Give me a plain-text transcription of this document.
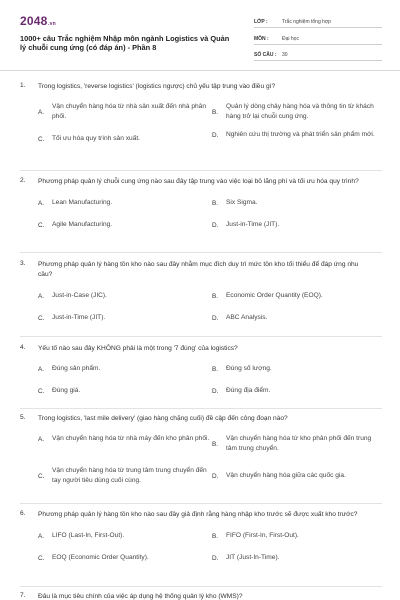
2048.vn
1000+ câu Trắc nghiệm Nhập môn ngành Logistics và Quản lý chuỗi cung ứng (có đáp án) - Phần 8
LỚP :	Trắc nghiệm tổng hợp
MÔN :	Đại học
SỐ CÂU :	30
1.	Trong logistics, 'reverse logistics' (logistics ngược) chủ yếu tập trung vào điều gì?
A.
Vận chuyển hàng hóa từ nhà sản xuất đến nhà phân phối.
B.
Quản lý dòng chảy hàng hóa và thông tin từ khách hàng trở lại chuỗi cung ứng.
C.	Tối ưu hóa quy trình sản xuất.	D.	Nghiên cứu thị trường và phát triển sản phẩm mới.
2.	Phương pháp quản lý chuỗi cung ứng nào sau đây tập trung vào việc loại bỏ lãng phí và tối ưu hóa quy trình?
A.	Lean Manufacturing.	B.	Six Sigma.
C.	Agile Manufacturing.	D.	Just-in-Time (JIT).
3.	Phương pháp quản lý hàng tồn kho nào sau đây nhằm mục đích duy trì mức tồn kho tối thiểu để đáp ứng nhu cầu?
A.	Just-in-Case (JIC).	B.	Economic Order Quantity (EOQ).
C.	Just-in-Time (JIT).	D.	ABC Analysis.
4.	Yếu tố nào sau đây KHÔNG phải là một trong '7 đúng' của logistics?
A.	Đúng sản phẩm.	B.	Đúng số lượng.
C.	Đúng giá.	D.	Đúng địa điểm.
5.	Trong logistics, 'last mile delivery' (giao hàng chặng cuối) đề cập đến công đoạn nào?
A.	Vận chuyển hàng hóa từ nhà máy đến kho phân phối.
B.
Vận chuyển hàng hóa từ kho phân phối đến trung tâm trung chuyển.
C.
Vận chuyển hàng hóa từ trung tâm trung chuyển đến tay người tiêu dùng cuối cùng.
D.	Vận chuyển hàng hóa giữa các quốc gia.
6.	Phương pháp quản lý hàng tồn kho nào sau đây giả định rằng hàng nhập kho trước sẽ được xuất kho trước?
A.	LIFO (Last-In, First-Out).	B.	FIFO (First-In, First-Out).
C.	EOQ (Economic Order Quantity).	D.	JIT (Just-In-Time).
7.	Đâu là mục tiêu chính của việc áp dụng hệ thống quản lý kho (WMS)?
